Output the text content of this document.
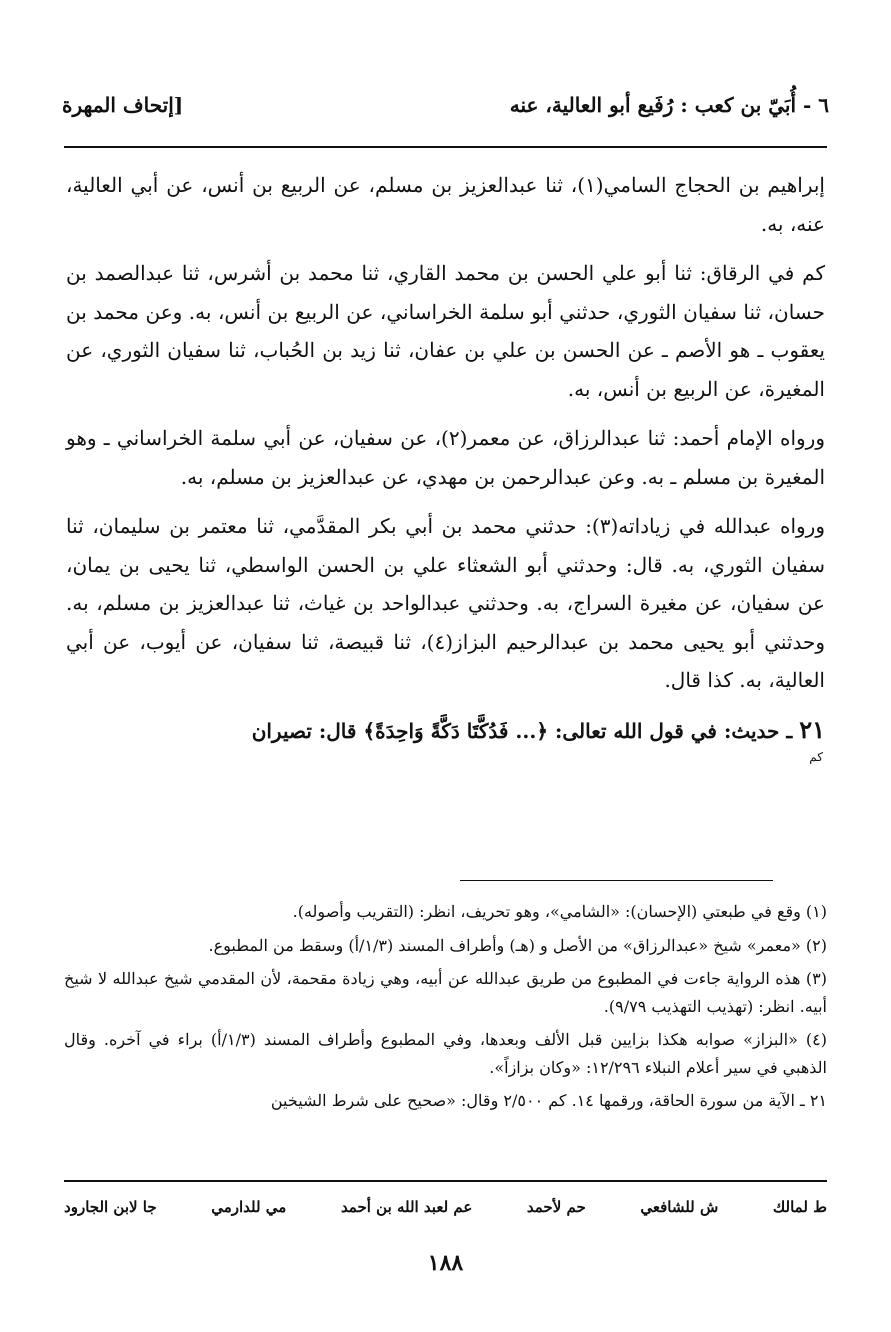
٦ - أُبَيّ بن كعب : رُفَيع أبو العالية، عنه
[إتحاف المهرة

إبراهيم بن الحجاج السامي(١)، ثنا عبدالعزيز بن مسلم، عن الربيع بن أنس، عن أبي العالية، عنه، به.

كم في الرقاق: ثنا أبو علي الحسن بن محمد القاري، ثنا محمد بن أشرس، ثنا عبدالصمد بن حسان، ثنا سفيان الثوري، حدثني أبو سلمة الخراساني، عن الربيع بن أنس، به. وعن محمد بن يعقوب ـ هو الأصم ـ عن الحسن بن علي بن عفان، ثنا زيد بن الحُباب، ثنا سفيان الثوري، عن المغيرة، عن الربيع بن أنس، به.

ورواه الإمام أحمد: ثنا عبدالرزاق، عن معمر(٢)، عن سفيان، عن أبي سلمة الخراساني ـ وهو المغيرة بن مسلم ـ به. وعن عبدالرحمن بن مهدي، عن عبدالعزيز بن مسلم، به.

ورواه عبدالله في زياداته(٣): حدثني محمد بن أبي بكر المقدَّمي، ثنا معتمر بن سليمان، ثنا سفيان الثوري، به. قال: وحدثني أبو الشعثاء علي بن الحسن الواسطي، ثنا يحيى بن يمان، عن سفيان، عن مغيرة السراج، به. وحدثني عبدالواحد بن غياث، ثنا عبدالعزيز بن مسلم، به. وحدثني أبو يحيى محمد بن عبدالرحيم البزاز(٤)، ثنا قبيصة، ثنا سفيان، عن أيوب، عن أبي العالية، به. كذا قال.

٢١ ـ حديث: في قول الله تعالى: ﴿... فَدُكَّتَا دَكَّةً وَاحِدَةً﴾ قال: تصيران

كم

(١) وقع في طبعتي (الإحسان): «الشامي»، وهو تحريف، انظر: (التقريب وأصوله).

(٢) «معمر» شيخ «عبدالرزاق» من الأصل و (هـ) وأطراف المسند (١/٣/أ) وسقط من المطبوع.

(٣) هذه الرواية جاءت في المطبوع من طريق عبدالله عن أبيه، وهي زيادة مقحمة، لأن المقدمي شيخ عبدالله لا شيخ أبيه. انظر: (تهذيب التهذيب ٩/٧٩).

(٤) «البزاز» صوابه هكذا بزايين قبل الألف وبعدها، وفي المطبوع وأطراف المسند (١/٣/أ) براء في آخره. وقال الذهبي في سير أعلام النبلاء ١٢/٢٩٦: «وكان بزازاً».

٢١ ـ الآية من سورة الحاقة، ورقمها ١٤. كم ٢/٥٠٠ وقال: «صحيح على شرط الشيخين

ط لمالك
ش للشافعي
حم لأحمد
عم لعبد الله بن أحمد
مي للدارمي
جا لابن الجارود
١٨٨
